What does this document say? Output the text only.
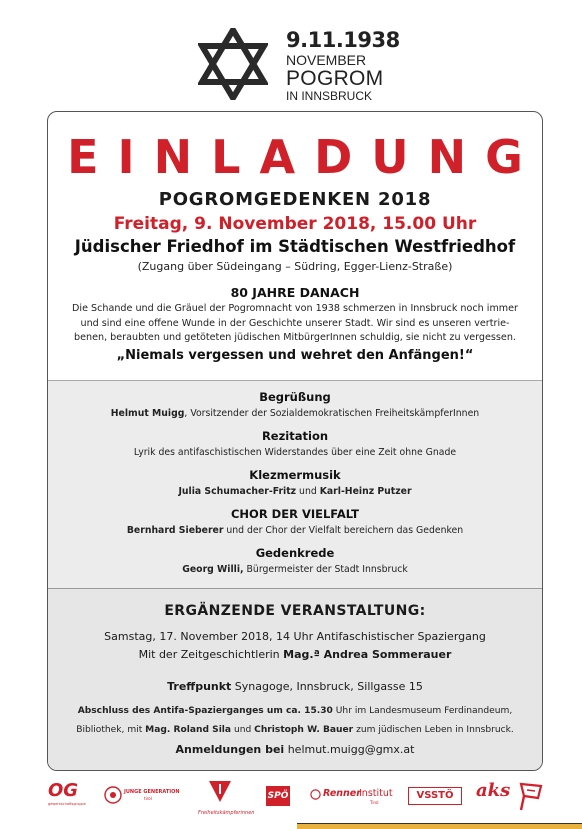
9.11.1938
NOVEMBER
POGROM
IN INNSBRUCK
EINLADUNG
POGROMGEDENKEN 2018
Freitag, 9. November 2018, 15.00 Uhr
Jüdischer Friedhof im Städtischen Westfriedhof
(Zugang über Südeingang – Südring, Egger-Lienz-Straße)
80 JAHRE DANACH
Die Schande und die Gräuel der Pogromnacht von 1938 schmerzen in Innsbruck noch immer
und sind eine offene Wunde in der Geschichte unserer Stadt. Wir sind es unseren vertrie-
benen, beraubten und getöteten jüdischen MitbürgerInnen schuldig, sie nicht zu vergessen.
„Niemals vergessen und wehret den Anfängen!“
Begrüßung
Helmut Muigg, Vorsitzender der Sozialdemokratischen FreiheitskämpferInnen
Rezitation
Lyrik des antifaschistischen Widerstandes über eine Zeit ohne Gnade
Klezmermusik
Julia Schumacher-Fritz und Karl-Heinz Putzer
CHOR DER VIELFALT
Bernhard Sieberer und der Chor der Vielfalt bereichern das Gedenken
Gedenkrede
Georg Willi, Bürgermeister der Stadt Innsbruck
ERGÄNZENDE VERANSTALTUNG:
Samstag, 17. November 2018, 14 Uhr Antifaschistischer Spaziergang
Mit der Zeitgeschichtlerin Mag.ª Andrea Sommerauer
Treffpunkt Synagoge, Innsbruck, Sillgasse 15
Abschluss des Antifa-Spazierganges um ca. 15.30 Uhr im Landesmuseum Ferdinandeum,
Bibliothek, mit Mag. Roland Sila und Christoph W. Bauer zum jüdischen Leben in Innsbruck.
Anmeldungen bei helmut.muigg@gmx.at
OG
gewerkschaftsgruppe
JUNGE GENERATION
tirol
Freiheitskämpferinnen
SPÖ	Renner
Institut
Tirol
VSSTÖ	aks
